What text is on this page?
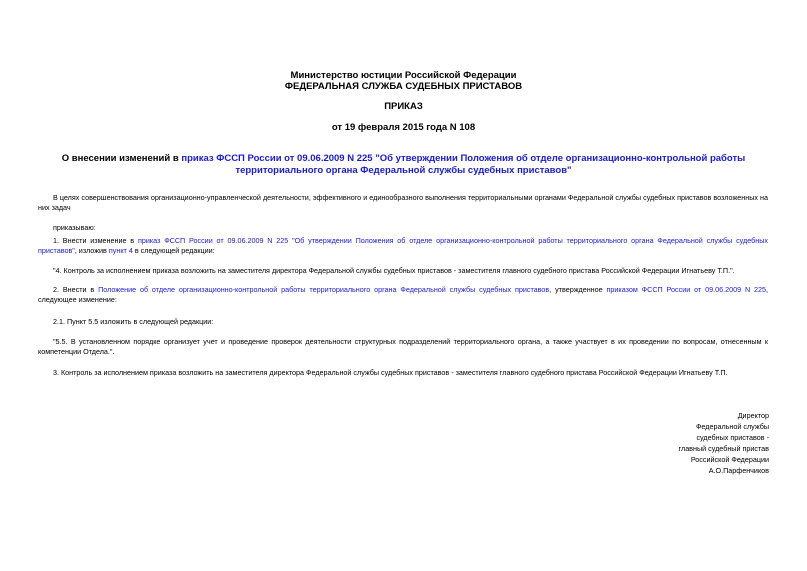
Министерство юстиции Российской Федерации
ФЕДЕРАЛЬНАЯ СЛУЖБА СУДЕБНЫХ ПРИСТАВОВ
ПРИКАЗ
от 19 февраля 2015 года N 108
О внесении изменений в приказ ФССП России от 09.06.2009 N 225 "Об утверждении Положения об отделе организационно-контрольной работы территориального органа Федеральной службы судебных приставов"
В целях совершенствования организационно-управленческой деятельности, эффективного и единообразного выполнения территориальными органами Федеральной службы судебных приставов возложенных на них задач
приказываю:
1. Внести изменение в приказ ФССП России от 09.06.2009 N 225 "Об утверждении Положения об отделе организационно-контрольной работы территориального органа Федеральной службы судебных приставов", изложив пункт 4 в следующей редакции:
"4. Контроль за исполнением приказа возложить на заместителя директора Федеральной службы судебных приставов - заместителя главного судебного пристава Российской Федерации Игнатьеву Т.П.".
2. Внести в Положение об отделе организационно-контрольной работы территориального органа Федеральной службы судебных приставов, утвержденное приказом ФССП России от 09.06.2009 N 225, следующее изменение:
2.1. Пункт 5.5 изложить в следующей редакции:
"5.5. В установленном порядке организует учет и проведение проверок деятельности структурных подразделений территориального органа, а также участвует в их проведении по вопросам, отнесенным к компетенции Отдела.".
3. Контроль за исполнением приказа возложить на заместителя директора Федеральной службы судебных приставов - заместителя главного судебного пристава Российской Федерации Игнатьеву Т.П.
Директор
Федеральной службы
судебных приставов -
главный судебный пристав
Российской Федерации
А.О.Парфенчиков
